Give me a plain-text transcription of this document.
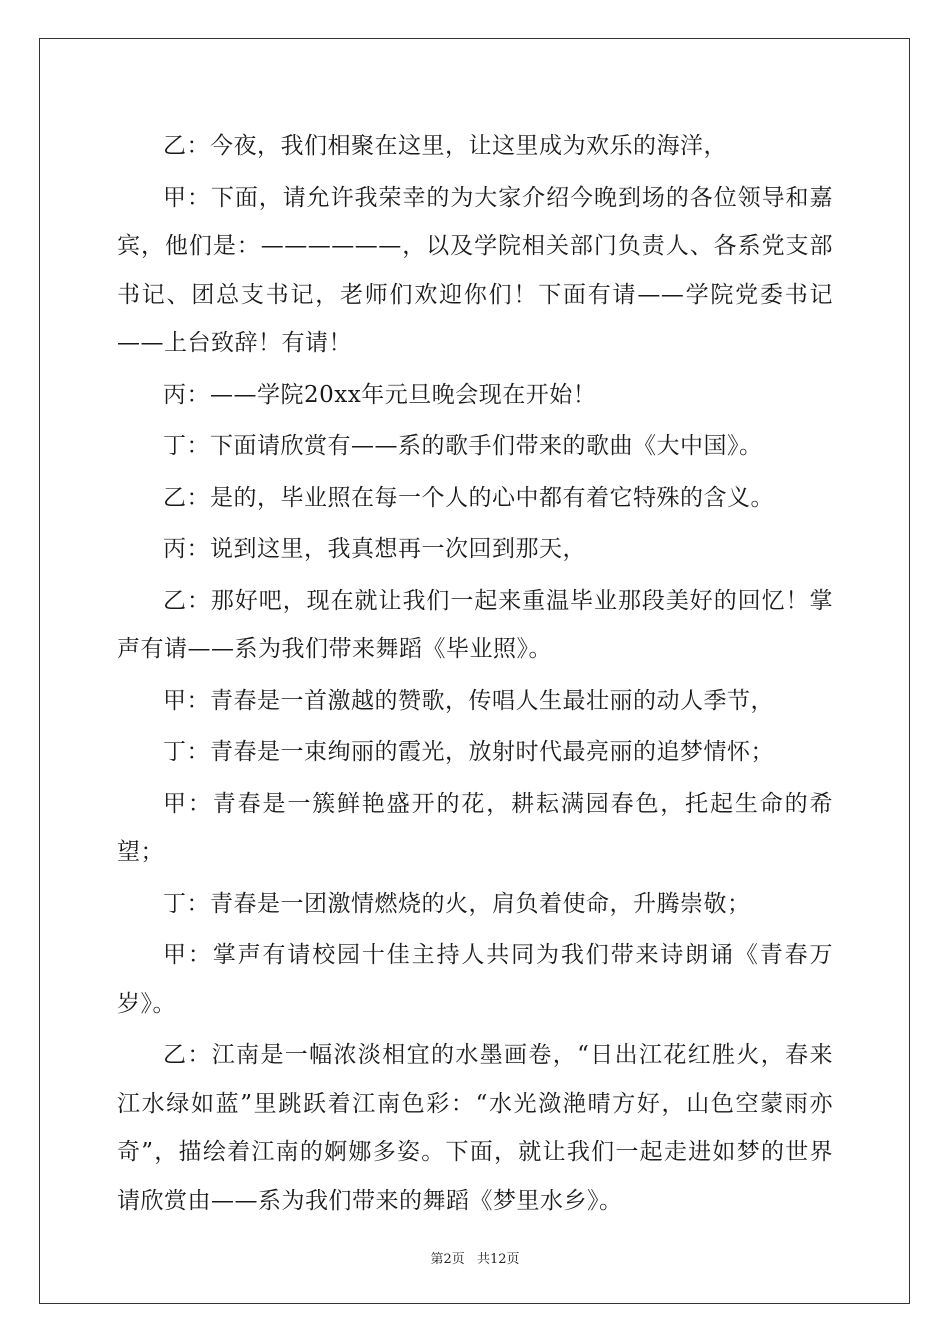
乙：今夜，我们相聚在这里，让这里成为欢乐的海洋，

甲：下面，请允许我荣幸的为大家介绍今晚到场的各位领导和嘉宾，他们是：——————，以及学院相关部门负责人、各系党支部书记、团总支书记，老师们欢迎你们！下面有请——学院党委书记——上台致辞！有请！

丙：——学院20xx年元旦晚会现在开始！

丁：下面请欣赏有——系的歌手们带来的歌曲《大中国》。

乙：是的，毕业照在每一个人的心中都有着它特殊的含义。

丙：说到这里，我真想再一次回到那天，

乙：那好吧，现在就让我们一起来重温毕业那段美好的回忆！掌声有请——系为我们带来舞蹈《毕业照》。

甲：青春是一首激越的赞歌，传唱人生最壮丽的动人季节，

丁：青春是一束绚丽的霞光，放射时代最亮丽的追梦情怀；

甲：青春是一簇鲜艳盛开的花，耕耘满园春色，托起生命的希望；

丁：青春是一团激情燃烧的火，肩负着使命，升腾崇敬；

甲：掌声有请校园十佳主持人共同为我们带来诗朗诵《青春万岁》。

乙：江南是一幅浓淡相宜的水墨画卷，“日出江花红胜火，春来江水绿如蓝”里跳跃着江南色彩：“水光潋滟晴方好，山色空蒙雨亦奇”，描绘着江南的婀娜多姿。下面，就让我们一起走进如梦的世界请欣赏由——系为我们带来的舞蹈《梦里水乡》。

第2页 共12页
